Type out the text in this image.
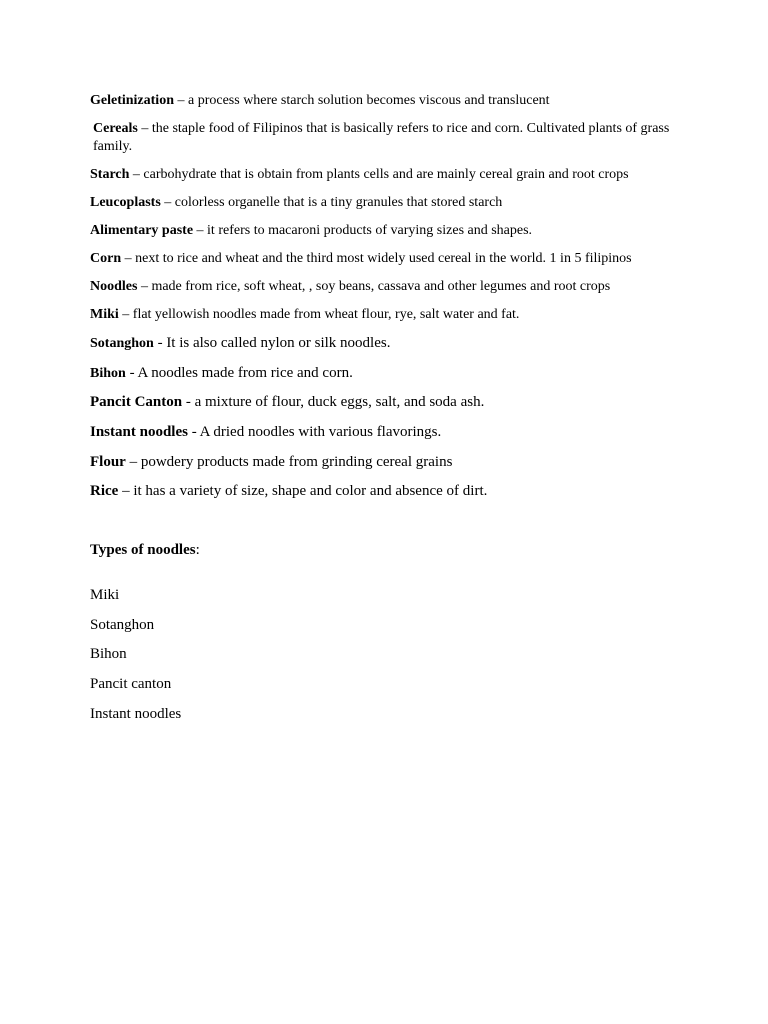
Geletinization – a process where starch solution becomes viscous and translucent

Cereals – the staple food of Filipinos that is basically refers to rice and corn. Cultivated plants of grass family.

Starch – carbohydrate that is obtain from plants cells and are mainly cereal grain and root crops

Leucoplasts – colorless organelle that is a tiny granules that stored starch

Alimentary paste – it refers to macaroni products of varying sizes and shapes.

Corn – next to rice and wheat and the third most widely used cereal in the world. 1 in 5 filipinos

Noodles – made from rice, soft wheat, , soy beans, cassava and other legumes and root crops

Miki – flat yellowish noodles made from wheat flour, rye, salt water and fat.

Sotanghon - It is also called nylon or silk noodles.

Bihon - A noodles made from rice and corn.

Pancit Canton - a mixture of flour, duck eggs, salt, and soda ash.

Instant noodles - A dried noodles with various flavorings.

Flour – powdery products made from grinding cereal grains

Rice – it has a variety of size, shape and color and absence of dirt.

Types of noodles:

Miki

Sotanghon

Bihon

Pancit canton

Instant noodles
